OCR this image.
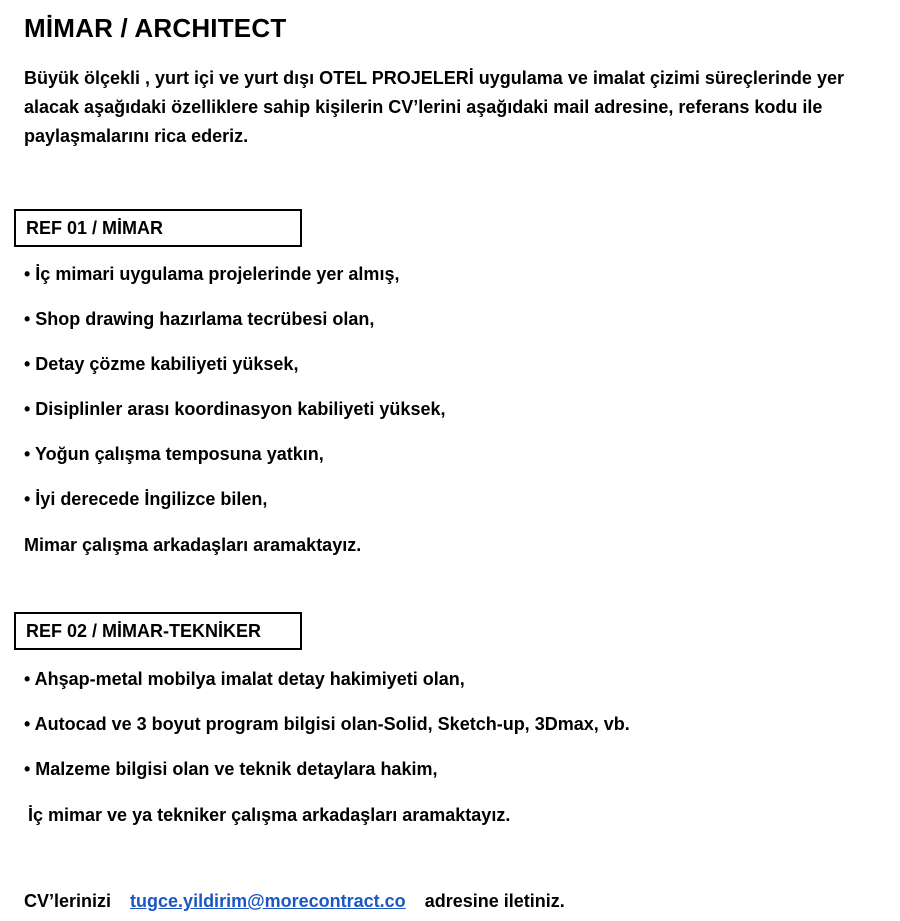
MİMAR / ARCHITECT
Büyük ölçekli , yurt içi ve yurt dışı OTEL PROJELERİ uygulama ve imalat çizimi süreçlerinde yer alacak aşağıdaki özelliklere sahip kişilerin CV’lerini aşağıdaki mail adresine, referans kodu ile paylaşmalarını rica ederiz.
REF 01 / MİMAR
• İç mimari uygulama projelerinde yer almış,
• Shop drawing hazırlama tecrübesi olan,
• Detay çözme kabiliyeti yüksek,
• Disiplinler arası koordinasyon kabiliyeti yüksek,
• Yoğun çalışma temposuna yatkın,
• İyi derecede İngilizce bilen,
Mimar çalışma arkadaşları aramaktayız.
REF 02 / MİMAR-TEKNİKER
• Ahşap-metal mobilya imalat detay hakimiyeti olan,
• Autocad ve 3 boyut program bilgisi olan-Solid, Sketch-up, 3Dmax, vb.
• Malzeme bilgisi olan ve teknik detaylara hakim,
İç mimar ve ya tekniker çalışma arkadaşları aramaktayız.
CV’lerinizi tugce.yildirim@morecontract.co adresine iletiniz.
